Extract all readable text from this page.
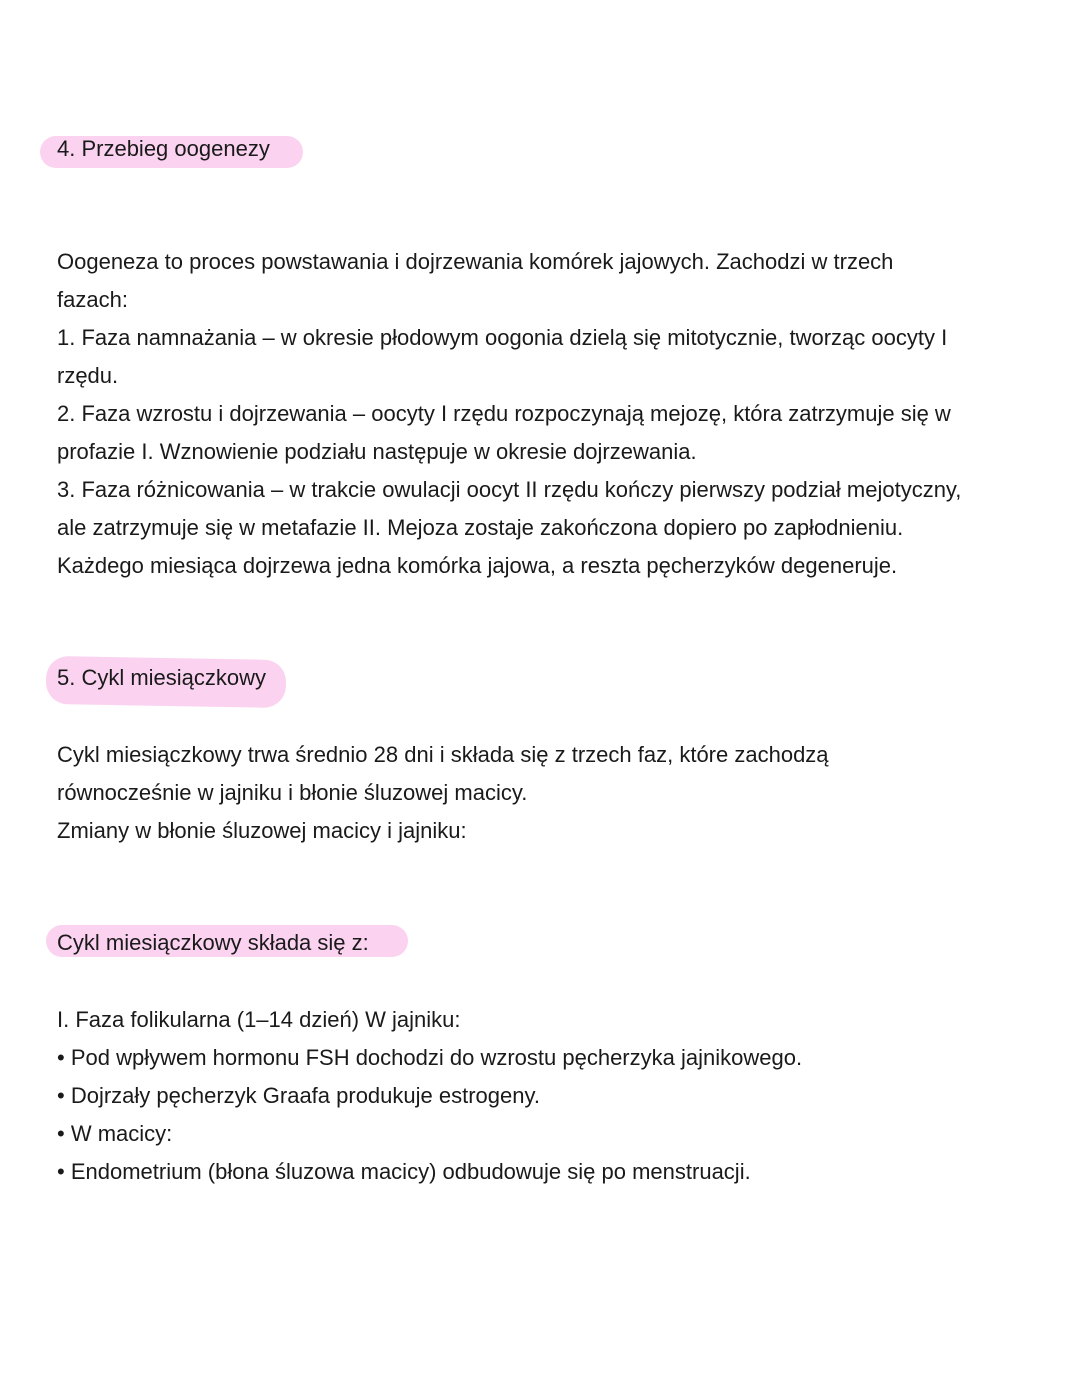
4. Przebieg oogenezy
Oogeneza to proces powstawania i dojrzewania komórek jajowych. Zachodzi w trzech
fazach:
1. Faza namnażania – w okresie płodowym oogonia dzielą się mitotycznie, tworząc oocyty I
rzędu.
2. Faza wzrostu i dojrzewania – oocyty I rzędu rozpoczynają mejozę, która zatrzymuje się w
profazie I. Wznowienie podziału następuje w okresie dojrzewania.
3. Faza różnicowania – w trakcie owulacji oocyt II rzędu kończy pierwszy podział mejotyczny,
ale zatrzymuje się w metafazie II. Mejoza zostaje zakończona dopiero po zapłodnieniu.
Każdego miesiąca dojrzewa jedna komórka jajowa, a reszta pęcherzyków degeneruje.
5. Cykl miesiączkowy
Cykl miesiączkowy trwa średnio 28 dni i składa się z trzech faz, które zachodzą
równocześnie w jajniku i błonie śluzowej macicy.
Zmiany w błonie śluzowej macicy i jajniku:
Cykl miesiączkowy składa się z:
I. Faza folikularna (1–14 dzień) W jajniku:
• Pod wpływem hormonu FSH dochodzi do wzrostu pęcherzyka jajnikowego.
• Dojrzały pęcherzyk Graafa produkuje estrogeny.
• W macicy:
• Endometrium (błona śluzowa macicy) odbudowuje się po menstruacji.
